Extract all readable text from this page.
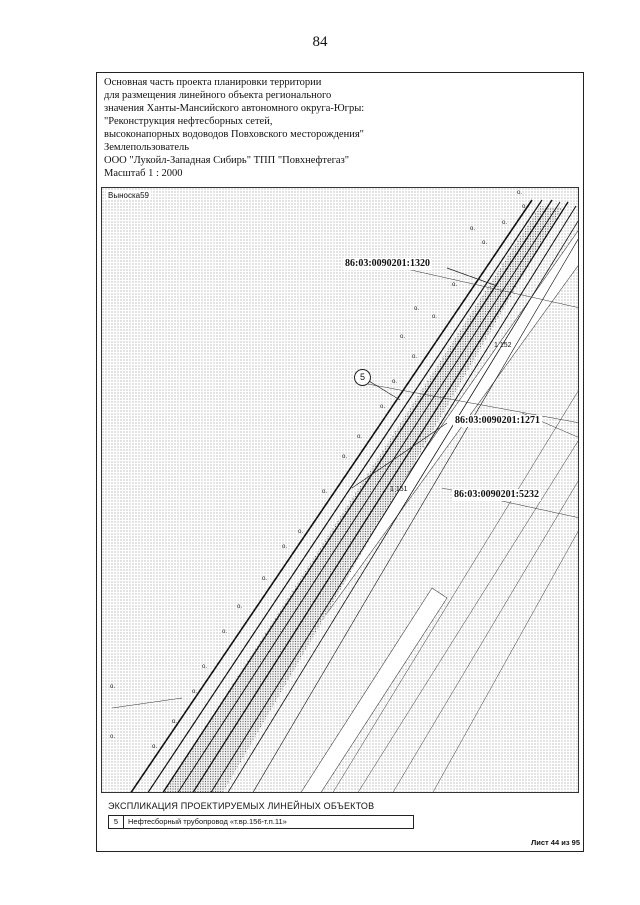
84
Основная часть проекта планировки территории
для размещения линейного объекта регионального
значения Ханты-Мансийского автономного округа-Югры:
"Реконструкция нефтесборных сетей,
высоконапорных водоводов Повховского месторождения"
Землепользователь
ООО "Лукойл-Западная Сибирь" ТПП "Повхнефтегаз"
Масштаб 1 : 2000
o.
o.
o.
o.
o.
o.
o.
o.
o.
o.
o.
o.
o.
o.
o.
o.
o.
o.
o.
o.
o.
o.
o.
o.
o.
o.
Выноска59
86:03:0090201:1320
86:03:0090201:1271
86:03:0090201:5232
5
1 152
1 151
ЭКСПЛИКАЦИЯ ПРОЕКТИРУЕМЫХ ЛИНЕЙНЫХ ОБЪЕКТОВ
5	Нефтесборный трубопровод «т.вр.156-т.п.11»
Лист 44 из 95
